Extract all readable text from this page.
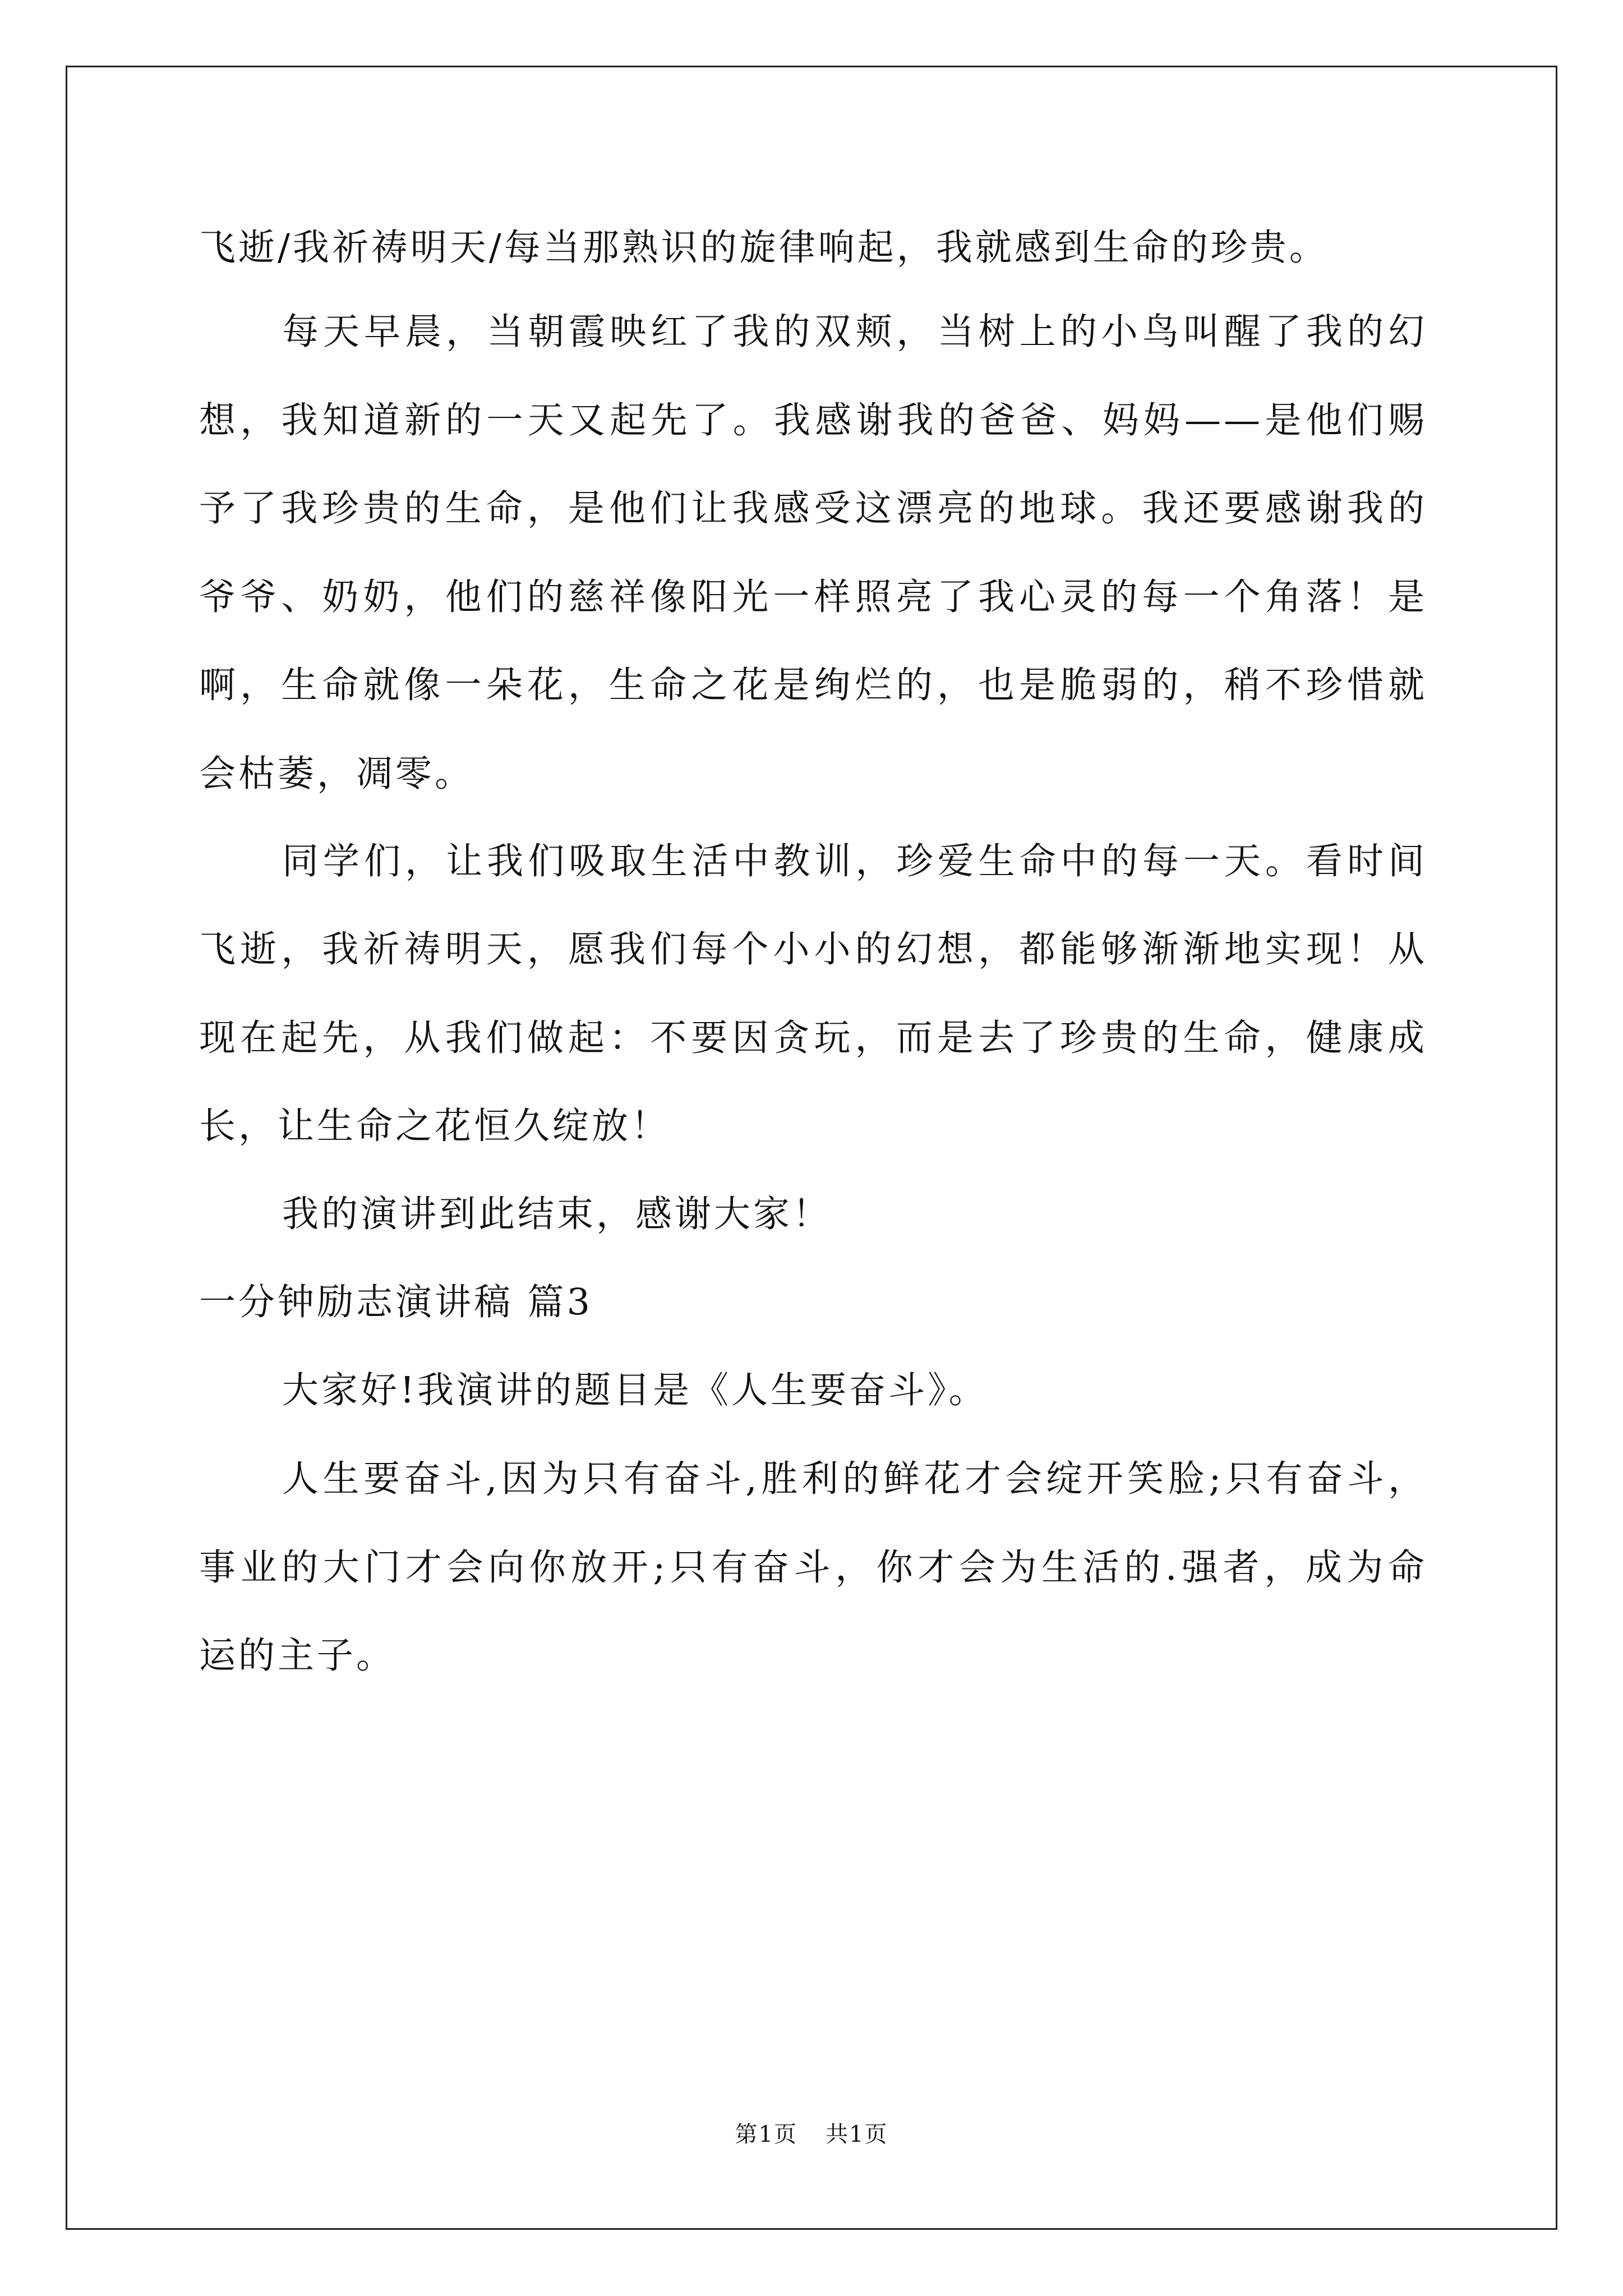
飞逝/我祈祷明天/每当那熟识的旋律响起，我就感到生命的珍贵。
每天早晨，当朝霞映红了我的双颊，当树上的小鸟叫醒了我的幻
想，我知道新的一天又起先了。我感谢我的爸爸、妈妈——是他们赐
予了我珍贵的生命，是他们让我感受这漂亮的地球。我还要感谢我的
爷爷、奶奶，他们的慈祥像阳光一样照亮了我心灵的每一个角落！是
啊，生命就像一朵花，生命之花是绚烂的，也是脆弱的，稍不珍惜就
会枯萎，凋零。
同学们，让我们吸取生活中教训，珍爱生命中的每一天。看时间
飞逝，我祈祷明天，愿我们每个小小的幻想，都能够渐渐地实现！从
现在起先，从我们做起：不要因贪玩，而是去了珍贵的生命，健康成
长，让生命之花恒久绽放！
我的演讲到此结束，感谢大家！
一分钟励志演讲稿 篇3
大家好!我演讲的题目是《人生要奋斗》。
人生要奋斗,因为只有奋斗,胜利的鲜花才会绽开笑脸;只有奋斗，
事业的大门才会向你放开;只有奋斗，你才会为生活的.强者，成为命
运的主子。
第1页 共1页
